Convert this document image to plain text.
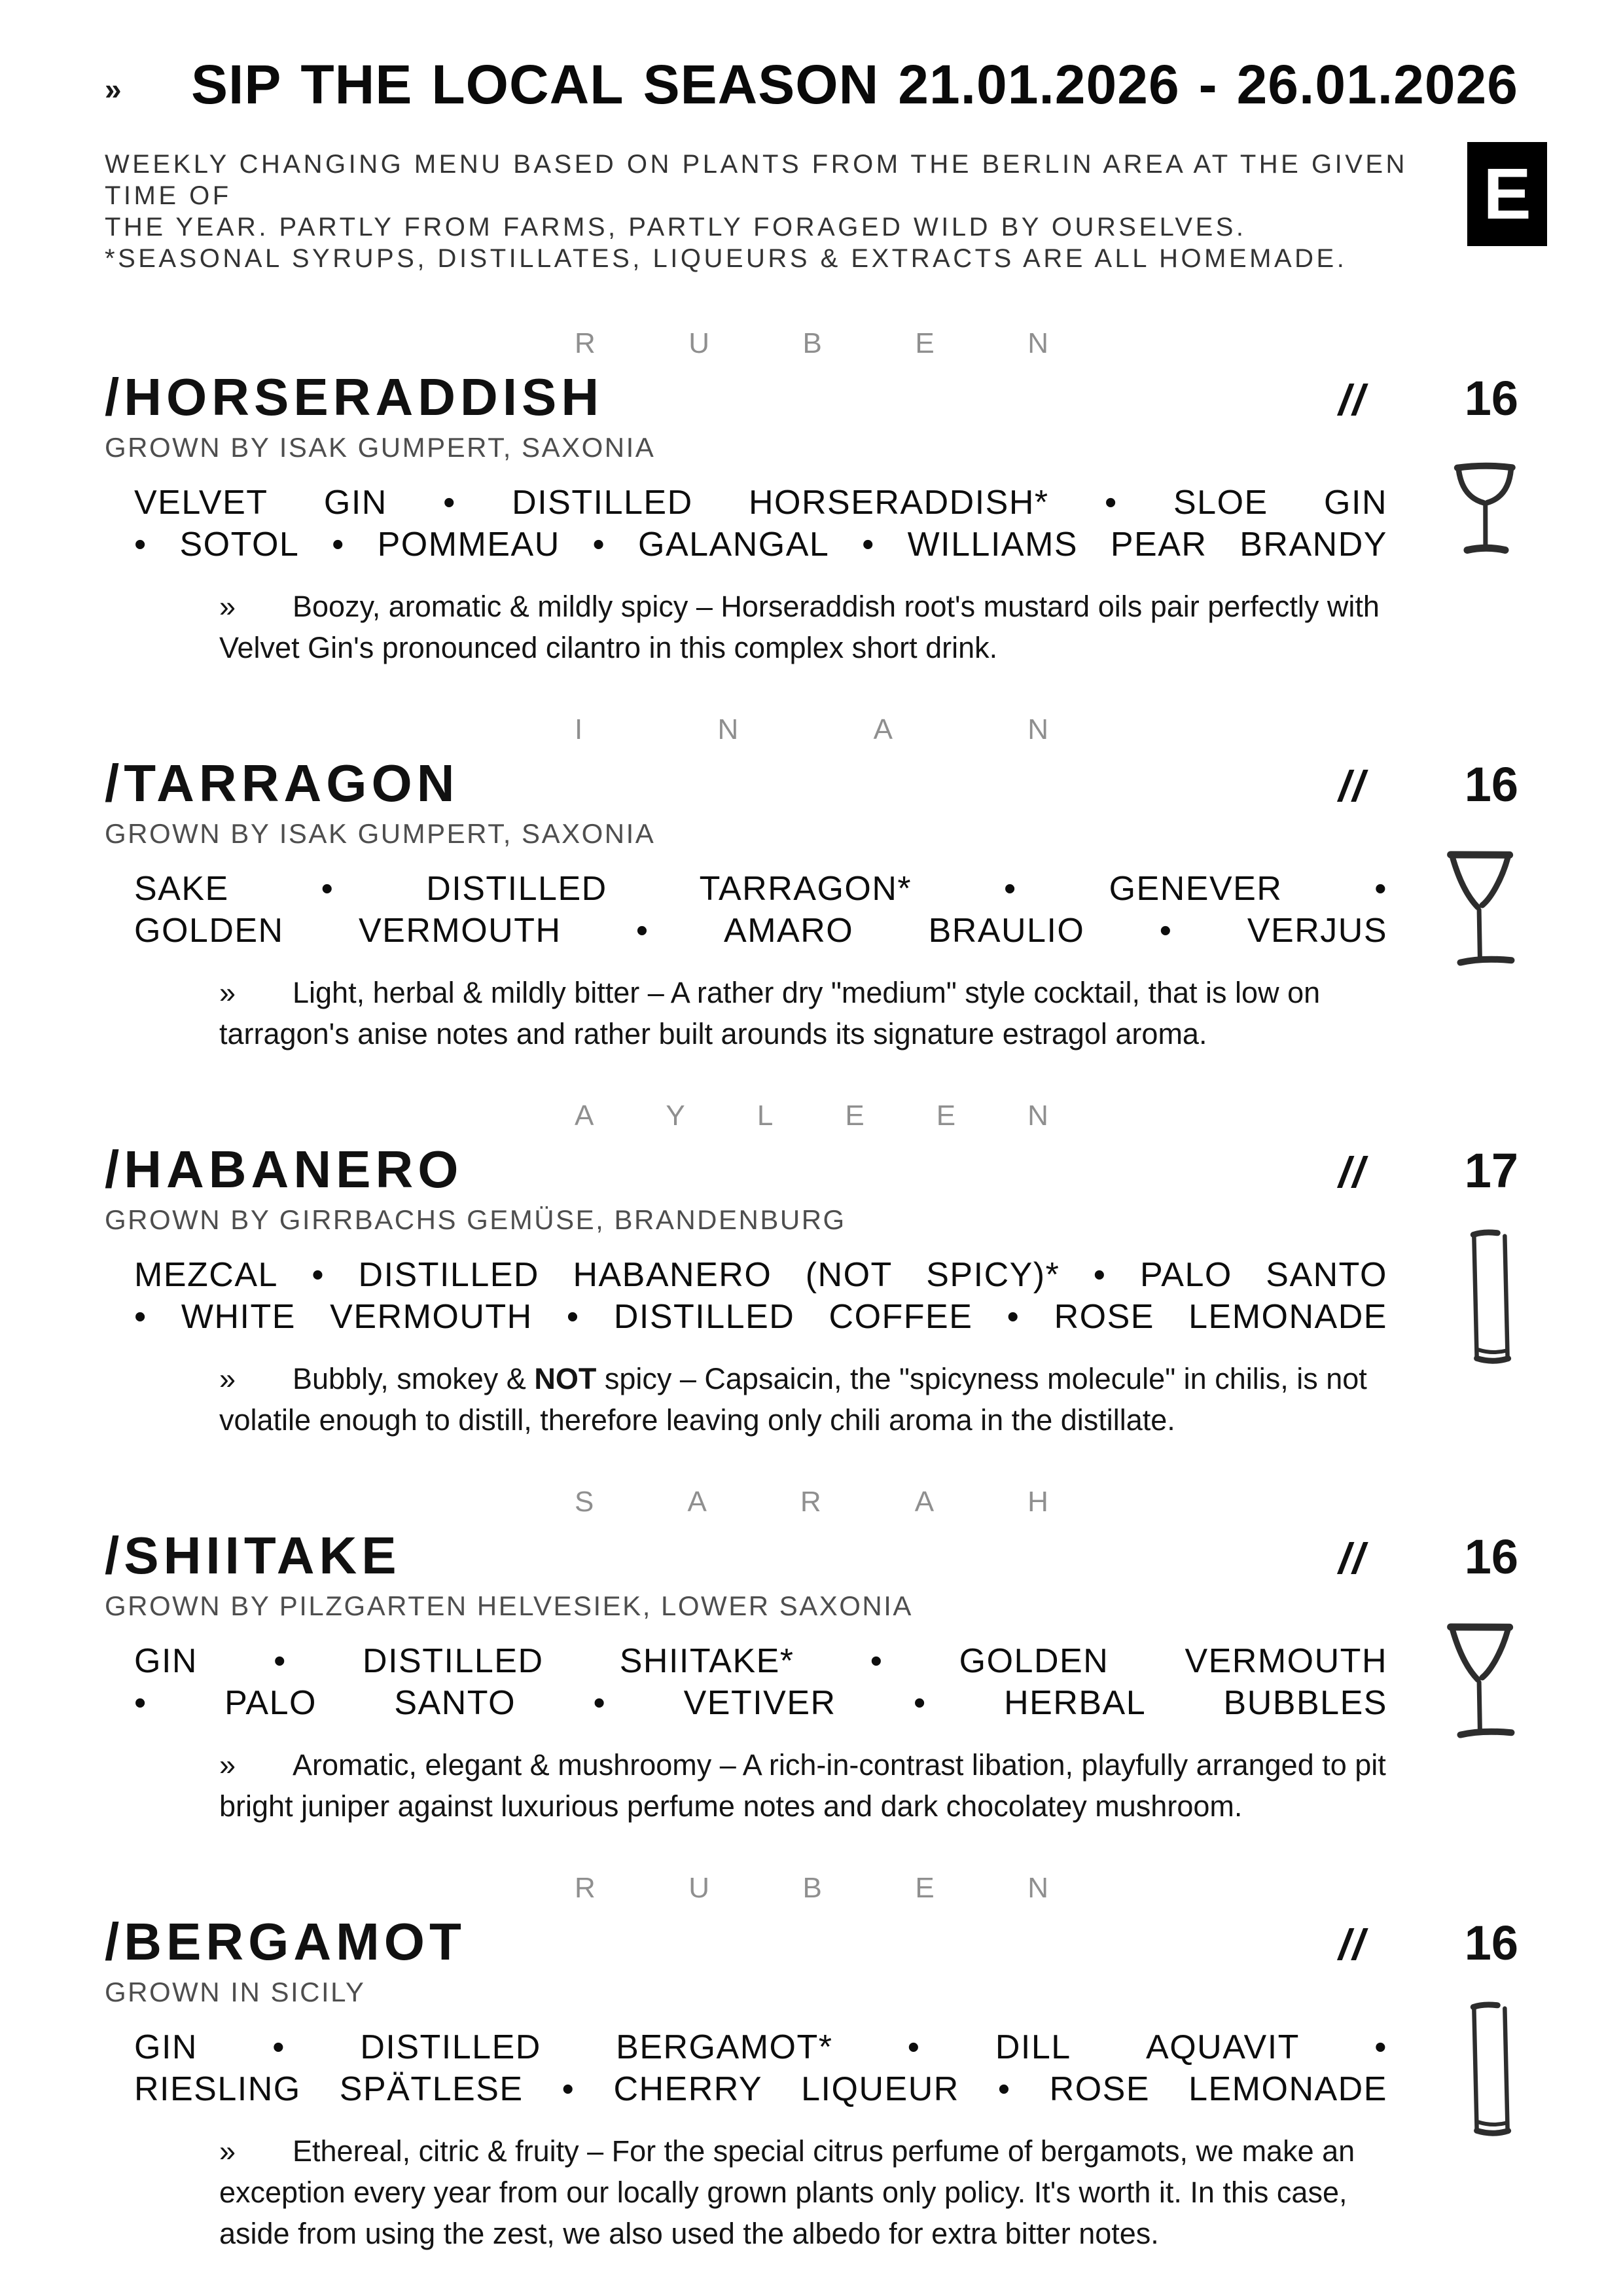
»	SIP THE LOCAL SEASON 21.01.2026 - 26.01.2026
WEEKLY CHANGING MENU BASED ON PLANTS FROM THE BERLIN AREA AT THE GIVEN TIME OF
THE YEAR. PARTLY FROM FARMS, PARTLY FORAGED WILD BY OURSELVES.
*SEASONAL SYRUPS, DISTILLATES, LIQUEURS & EXTRACTS ARE ALL HOMEMADE.
E
R	U	B	E	N
/HORSERADDISH	//	16
GROWN BY ISAK GUMPERT, SAXONIA
VELVET GIN • DISTILLED HORSERADDISH* • SLOE GIN
• SOTOL • POMMEAU • GALANGAL • WILLIAMS PEAR BRANDY

» Boozy, aromatic & mildly spicy – Horseraddish root's mustard oils pair perfectly with Velvet Gin's pronounced cilantro in this complex short drink.

I	N	A	N
/TARRAGON	//	16
GROWN BY ISAK GUMPERT, SAXONIA
SAKE	•	DISTILLED	TARRAGON*	•	GENEVER	•
GOLDEN VERMOUTH • AMARO BRAULIO • VERJUS

» Light, herbal & mildly bitter – A rather dry "medium" style cocktail, that is low on tarragon's anise notes and rather built arounds its signature estragol aroma.

A	Y	L	E	E	N
/HABANERO	//	17
GROWN BY GIRRBACHS GEMÜSE, BRANDENBURG
MEZCAL • DISTILLED HABANERO (NOT SPICY)* • PALO SANTO
• WHITE VERMOUTH • DISTILLED COFFEE • ROSE LEMONADE

» Bubbly, smokey & NOT spicy – Capsaicin, the "spicyness molecule" in chilis, is not volatile enough to distill, therefore leaving only chili aroma in the distillate.

S	A	R	A	H
/SHIITAKE	//	16
GROWN BY PILZGARTEN HELVESIEK, LOWER SAXONIA
GIN • DISTILLED SHIITAKE* • GOLDEN VERMOUTH
• PALO SANTO • VETIVER • HERBAL BUBBLES

» Aromatic, elegant & mushroomy – A rich-in-contrast libation, playfully arranged to pit bright juniper against luxurious perfume notes and dark chocolatey mushroom.

R	U	B	E	N
/BERGAMOT	//	16
GROWN IN SICILY
GIN • DISTILLED BERGAMOT* • DILL AQUAVIT •
RIESLING SPÄTLESE • CHERRY LIQUEUR • ROSE LEMONADE

» Ethereal, citric & fruity – For the special citrus perfume of bergamots, we make an exception every year from our locally grown plants only policy. It's worth it. In this case, aside from using the zest, we also used the albedo for extra bitter notes.
